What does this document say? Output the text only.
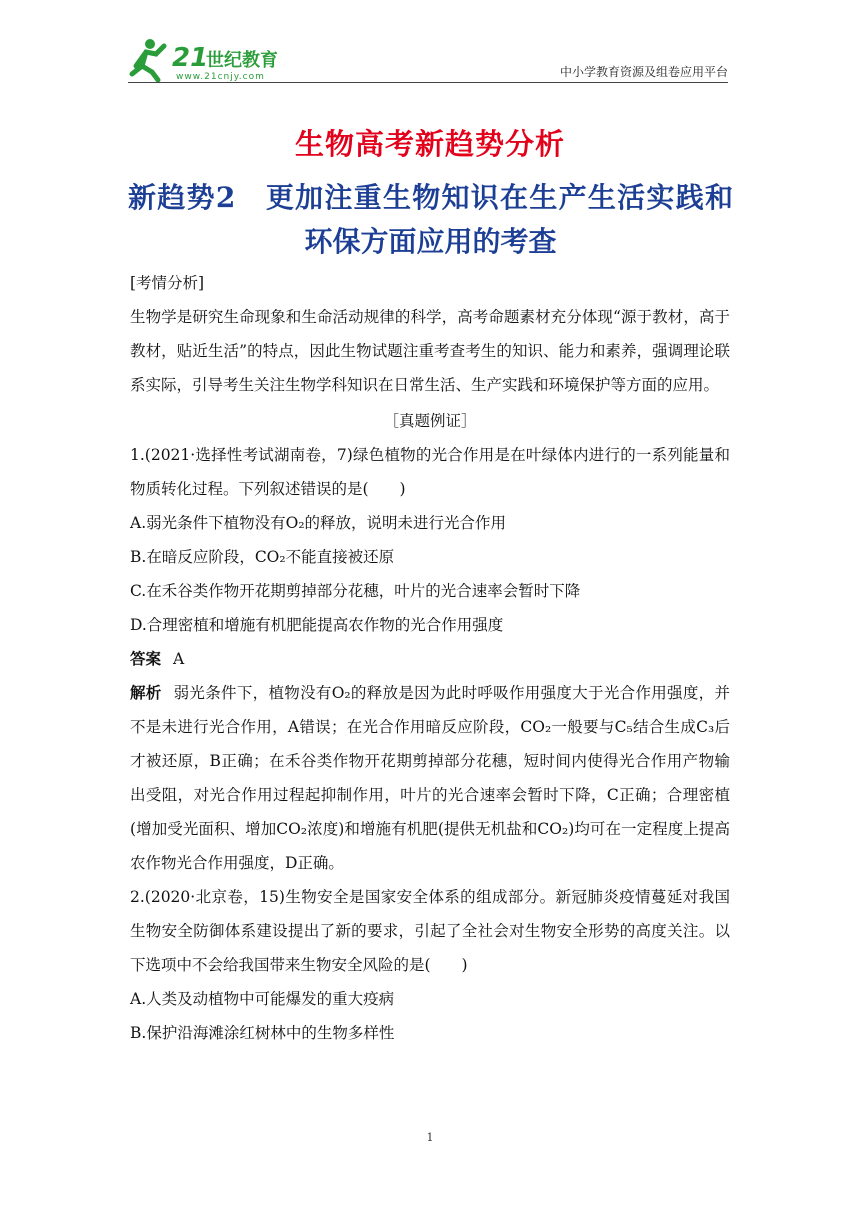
21
世纪教育
www.21cnjy.com	中小学教育资源及组卷应用平台
生物高考新趋势分析
新趋势2　更加注重生物知识在生产生活实践和
环保方面应用的考查

[考情分析]

生物学是研究生命现象和生命活动规律的科学，高考命题素材充分体现“源于教材，高于教材，贴近生活”的特点，因此生物试题注重考查考生的知识、能力和素养，强调理论联系实际，引导考生关注生物学科知识在日常生活、生产实践和环境保护等方面的应用。

［真题例证］

1.(2021·选择性考试湖南卷，7)绿色植物的光合作用是在叶绿体内进行的一系列能量和物质转化过程。下列叙述错误的是(　　)

A.弱光条件下植物没有O₂的释放，说明未进行光合作用

B.在暗反应阶段，CO₂不能直接被还原

C.在禾谷类作物开花期剪掉部分花穗，叶片的光合速率会暂时下降

D.合理密植和增施有机肥能提高农作物的光合作用强度

答案 A

解析 弱光条件下，植物没有O₂的释放是因为此时呼吸作用强度大于光合作用强度，并不是未进行光合作用，A错误；在光合作用暗反应阶段，CO₂一般要与C₅结合生成C₃后才被还原，B正确；在禾谷类作物开花期剪掉部分花穗，短时间内使得光合作用产物输出受阻，对光合作用过程起抑制作用，叶片的光合速率会暂时下降，C正确；合理密植(增加受光面积、增加CO₂浓度)和增施有机肥(提供无机盐和CO₂)均可在一定程度上提高农作物光合作用强度，D正确。

2.(2020·北京卷，15)生物安全是国家安全体系的组成部分。新冠肺炎疫情蔓延对我国生物安全防御体系建设提出了新的要求，引起了全社会对生物安全形势的高度关注。以下选项中不会给我国带来生物安全风险的是(　　)

A.人类及动植物中可能爆发的重大疫病

B.保护沿海滩涂红树林中的生物多样性

1
